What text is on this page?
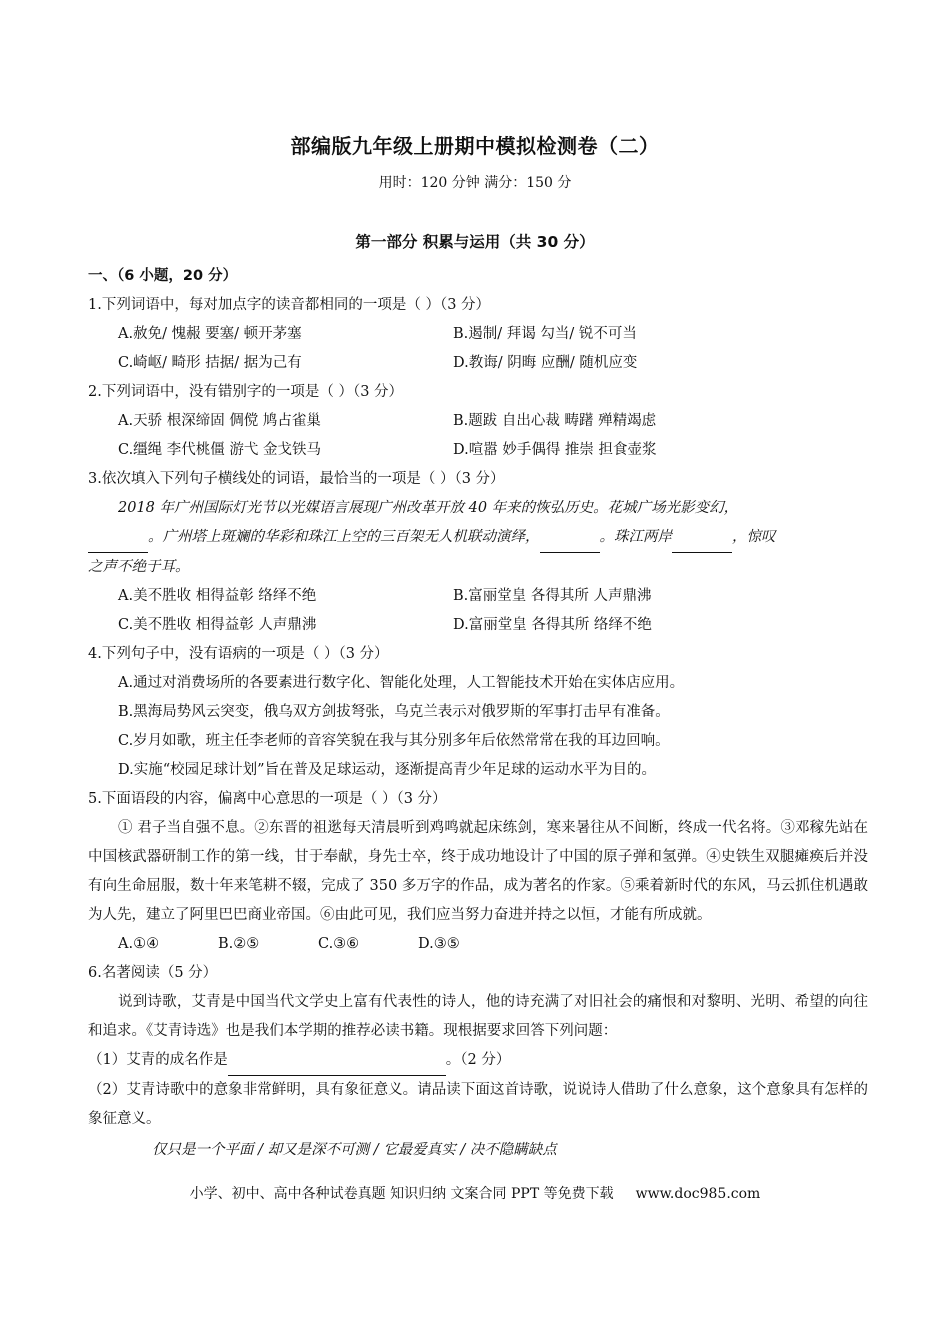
部编版九年级上册期中模拟检测卷（二）
用时：120 分钟 满分：150 分
第一部分 积累与运用（共 30 分）
一、（6 小题，20 分）
1.下列词语中，每对加点字的读音都相同的一项是（ ）（3 分）
A.赦免/ 愧赧 要塞/ 顿开茅塞	B.遏制/ 拜谒 勾当/ 锐不可当
C.崎岖/ 畸形 拮据/ 据为己有	D.教诲/ 阴晦 应酬/ 随机应变
2.下列词语中，没有错别字的一项是（ ）（3 分）
A.天骄 根深缔固 倜傥 鸠占雀巢	B.题跋 自出心裁 畴躇 殚精竭虑
C.缰绳 李代桃僵 游弋 金戈铁马	D.喧嚣 妙手偶得 推崇 担食壶浆
3.依次填入下列句子横线处的词语，最恰当的一项是（ ）（3 分）
2018 年广州国际灯光节以光媒语言展现广州改革开放 40 年来的恢弘历史。花城广场光影变幻，
。广州塔上斑斓的华彩和珠江上空的三百架无人机联动演绎，	。珠江两岸	，惊叹
之声不绝于耳。
A.美不胜收 相得益彰 络绎不绝	B.富丽堂皇 各得其所 人声鼎沸
C.美不胜收 相得益彰 人声鼎沸	D.富丽堂皇 各得其所 络绎不绝
4.下列句子中，没有语病的一项是（ ）（3 分）
A.通过对消费场所的各要素进行数字化、智能化处理，人工智能技术开始在实体店应用。
B.黑海局势风云突变，俄乌双方剑拔弩张，乌克兰表示对俄罗斯的军事打击早有准备。
C.岁月如歌，班主任李老师的音容笑貌在我与其分别多年后依然常常在我的耳边回响。
D.实施“校园足球计划”旨在普及足球运动，逐渐提高青少年足球的运动水平为目的。
5.下面语段的内容，偏离中心意思的一项是（ ）（3 分）
① 君子当自强不息。②东晋的祖逖每天清晨听到鸡鸣就起床练剑，寒来暑往从不间断，终成一代名将。③邓稼先站在中国核武器研制工作的第一线，甘于奉献，身先士卒，终于成功地设计了中国的原子弹和氢弹。④史铁生双腿瘫痪后并没有向生命屈服，数十年来笔耕不辍，完成了 350 多万字的作品，成为著名的作家。⑤乘着新时代的东风，马云抓住机遇敢为人先，建立了阿里巴巴商业帝国。⑥由此可见，我们应当努力奋进并持之以恒，才能有所成就。
A.①④	B.②⑤	C.③⑥	D.③⑤
6.名著阅读（5 分）
说到诗歌，艾青是中国当代文学史上富有代表性的诗人，他的诗充满了对旧社会的痛恨和对黎明、光明、希望的向往和追求。《艾青诗选》也是我们本学期的推荐必读书籍。现根据要求回答下列问题：
（1）艾青的成名作是	。（2 分）
（2）艾青诗歌中的意象非常鲜明，具有象征意义。请品读下面这首诗歌，说说诗人借助了什么意象，这个意象具有怎样的象征意义。
仅只是一个平面 / 却又是深不可测 / 它最爱真实 / 决不隐瞒缺点
小学、初中、高中各种试卷真题 知识归纳 文案合同 PPT 等免费下载 www.doc985.com
